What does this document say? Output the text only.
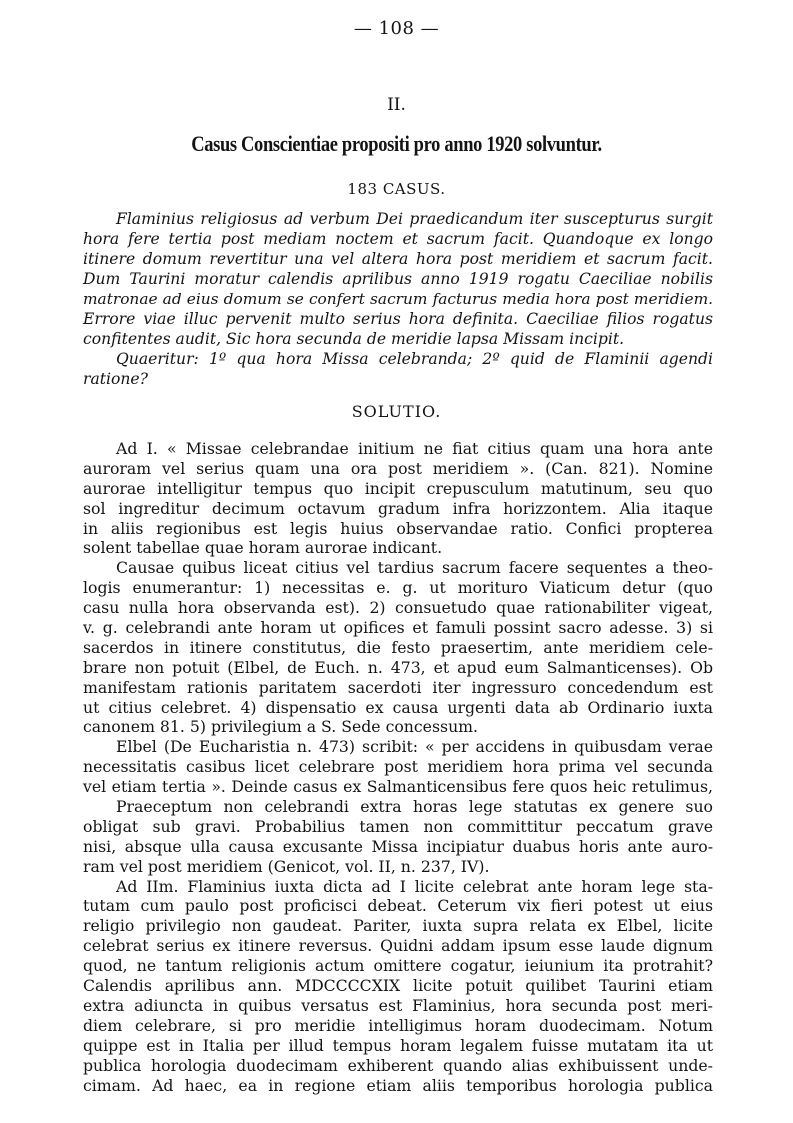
— 108 —
II.
Casus Conscientiae propositi pro anno 1920 solvuntur.
183 CASUS.
Flaminius religiosus ad verbum Dei praedicandum iter suscepturus surgit
hora fere tertia post mediam noctem et sacrum facit. Quandoque ex longo
itinere domum revertitur una vel altera hora post meridiem et sacrum facit.
Dum Taurini moratur calendis aprilibus anno 1919 rogatu Caeciliae nobilis
matronae ad eius domum se confert sacrum facturus media hora post meridiem.
Errore viae illuc pervenit multo serius hora definita. Caeciliae filios rogatus
confitentes audit, Sic hora secunda de meridie lapsa Missam incipit.
Quaeritur: 1º qua hora Missa celebranda; 2º quid de Flaminii agendi
ratione?
SOLUTIO.
Ad I. « Missae celebrandae initium ne fiat citius quam una hora ante
auroram vel serius quam una ora post meridiem ». (Can. 821). Nomine
aurorae intelligitur tempus quo incipit crepusculum matutinum, seu quo
sol ingreditur decimum octavum gradum infra horizzontem. Alia itaque
in aliis regionibus est legis huius observandae ratio. Confici propterea
solent tabellae quae horam aurorae indicant.
Causae quibus liceat citius vel tardius sacrum facere sequentes a theo-
logis enumerantur: 1) necessitas e. g. ut morituro Viaticum detur (quo
casu nulla hora observanda est). 2) consuetudo quae rationabiliter vigeat,
v. g. celebrandi ante horam ut opifices et famuli possint sacro adesse. 3) si
sacerdos in itinere constitutus, die festo praesertim, ante meridiem cele-
brare non potuit (Elbel, de Euch. n. 473, et apud eum Salmanticenses). Ob
manifestam rationis paritatem sacerdoti iter ingressuro concedendum est
ut citius celebret. 4) dispensatio ex causa urgenti data ab Ordinario iuxta
canonem 81. 5) privilegium a S. Sede concessum.
Elbel (De Eucharistia n. 473) scribit: « per accidens in quibusdam verae
necessitatis casibus licet celebrare post meridiem hora prima vel secunda
vel etiam tertia ». Deinde casus ex Salmanticensibus fere quos heic retulimus,
Praeceptum non celebrandi extra horas lege statutas ex genere suo
obligat sub gravi. Probabilius tamen non committitur peccatum grave
nisi, absque ulla causa excusante Missa incipiatur duabus horis ante auro-
ram vel post meridiem (Genicot, vol. II, n. 237, IV).
Ad IIm. Flaminius iuxta dicta ad I licite celebrat ante horam lege sta-
tutam cum paulo post proficisci debeat. Ceterum vix fieri potest ut eius
religio privilegio non gaudeat. Pariter, iuxta supra relata ex Elbel, licite
celebrat serius ex itinere reversus. Quidni addam ipsum esse laude dignum
quod, ne tantum religionis actum omittere cogatur, ieiunium ita protrahit?
Calendis aprilibus ann. MDCCCCXIX licite potuit quilibet Taurini etiam
extra adiuncta in quibus versatus est Flaminius, hora secunda post meri-
diem celebrare, si pro meridie intelligimus horam duodecimam. Notum
quippe est in Italia per illud tempus horam legalem fuisse mutatam ita ut
publica horologia duodecimam exhiberent quando alias exhibuissent unde-
cimam. Ad haec, ea in regione etiam aliis temporibus horologia publica
